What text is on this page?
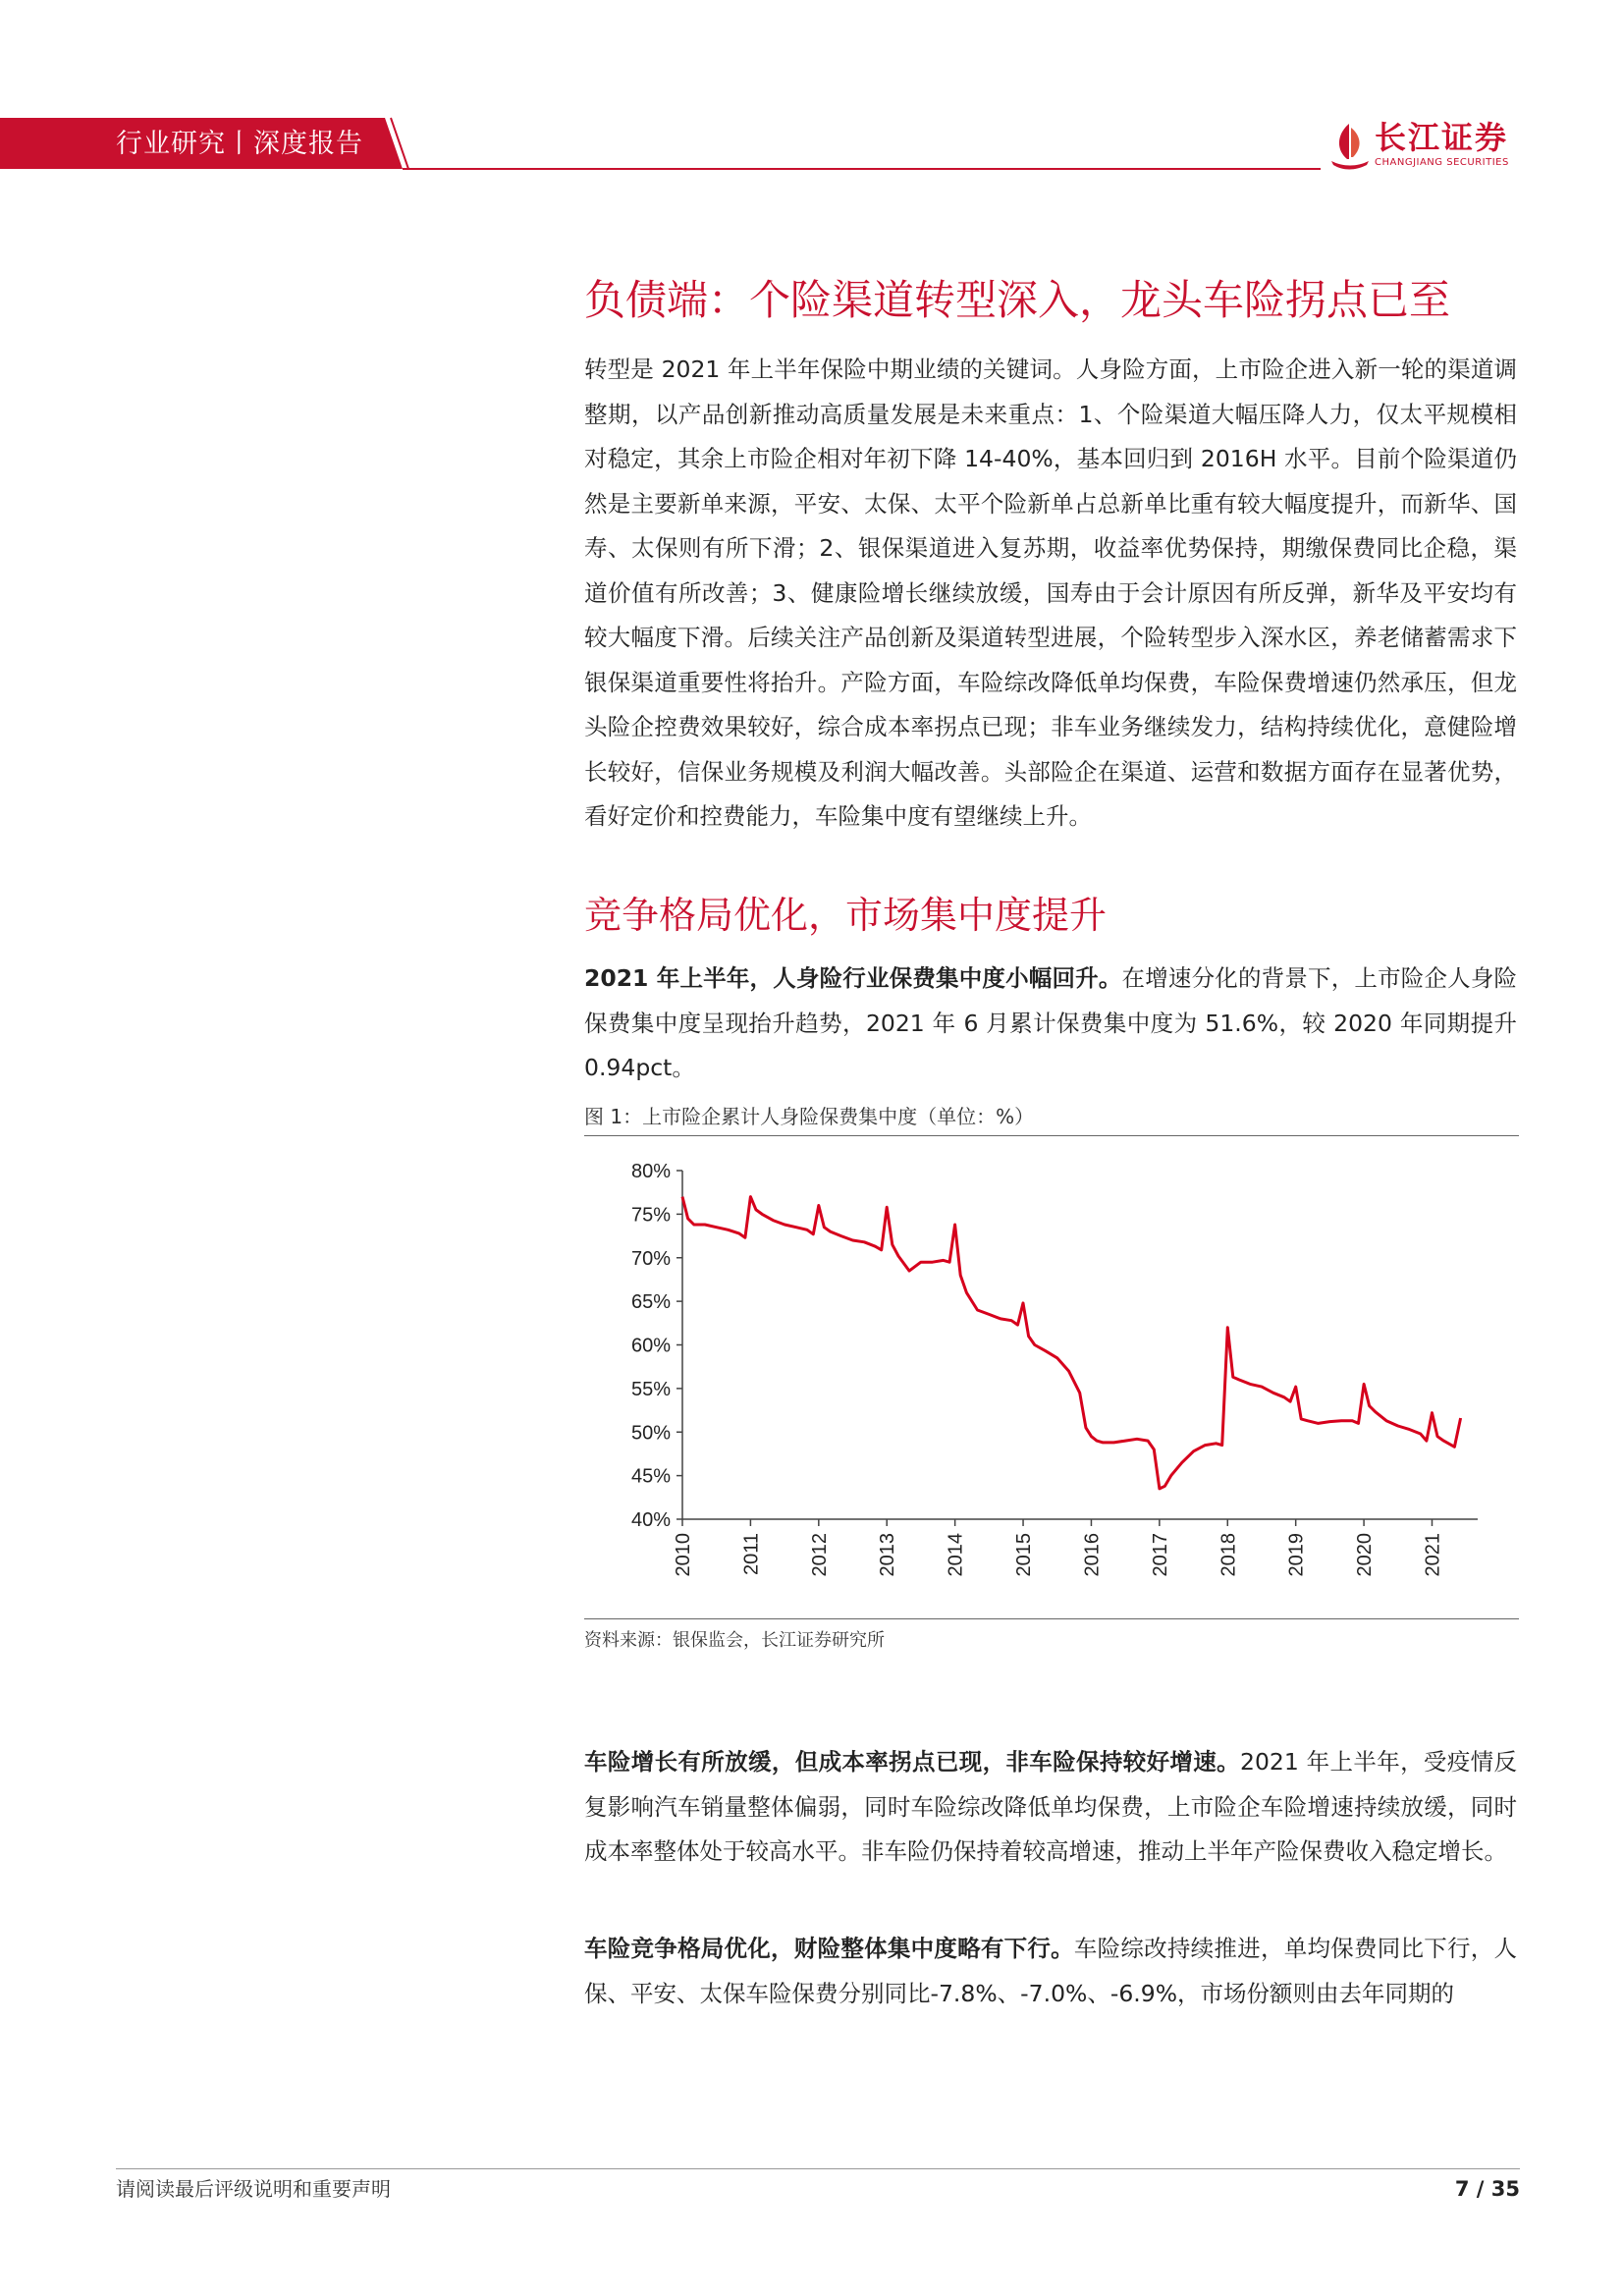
行业研究丨深度报告	长江证券
CHANGJIANG SECURITIES
负债端：个险渠道转型深入，龙头车险拐点已至

转型是 2021 年上半年保险中期业绩的关键词。人身险方面，上市险企进入新一轮的渠道调整期，以产品创新推动高质量发展是未来重点：1、个险渠道大幅压降人力，仅太平规模相对稳定，其余上市险企相对年初下降 14-40%，基本回归到 2016H 水平。目前个险渠道仍然是主要新单来源，平安、太保、太平个险新单占总新单比重有较大幅度提升，而新华、国寿、太保则有所下滑；2、银保渠道进入复苏期，收益率优势保持，期缴保费同比企稳，渠道价值有所改善；3、健康险增长继续放缓，国寿由于会计原因有所反弹，新华及平安均有较大幅度下滑。后续关注产品创新及渠道转型进展，个险转型步入深水区，养老储蓄需求下银保渠道重要性将抬升。产险方面，车险综改降低单均保费，车险保费增速仍然承压，但龙头险企控费效果较好，综合成本率拐点已现；非车业务继续发力，结构持续优化，意健险增长较好，信保业务规模及利润大幅改善。头部险企在渠道、运营和数据方面存在显著优势，看好定价和控费能力，车险集中度有望继续上升。

竞争格局优化，市场集中度提升

2021 年上半年，人身险行业保费集中度小幅回升。在增速分化的背景下，上市险企人身险保费集中度呈现抬升趋势，2021 年 6 月累计保费集中度为 51.6%，较 2020 年同期提升 0.94pct。

图 1：上市险企累计人身险保费集中度（单位：%）
40%
45%
50%
55%
60%
65%
70%
75%
80%
2010 2011 2012 2013 2014 2015 2016 2017 2018 2019 2020 2021
资料来源：银保监会，长江证券研究所

车险增长有所放缓，但成本率拐点已现，非车险保持较好增速。2021 年上半年，受疫情反复影响汽车销量整体偏弱，同时车险综改降低单均保费，上市险企车险增速持续放缓，同时成本率整体处于较高水平。非车险仍保持着较高增速，推动上半年产险保费收入稳定增长。

车险竞争格局优化，财险整体集中度略有下行。车险综改持续推进，单均保费同比下行，人保、平安、太保车险保费分别同比-7.8%、-7.0%、-6.9%，市场份额则由去年同期的

请阅读最后评级说明和重要声明	7 / 35
